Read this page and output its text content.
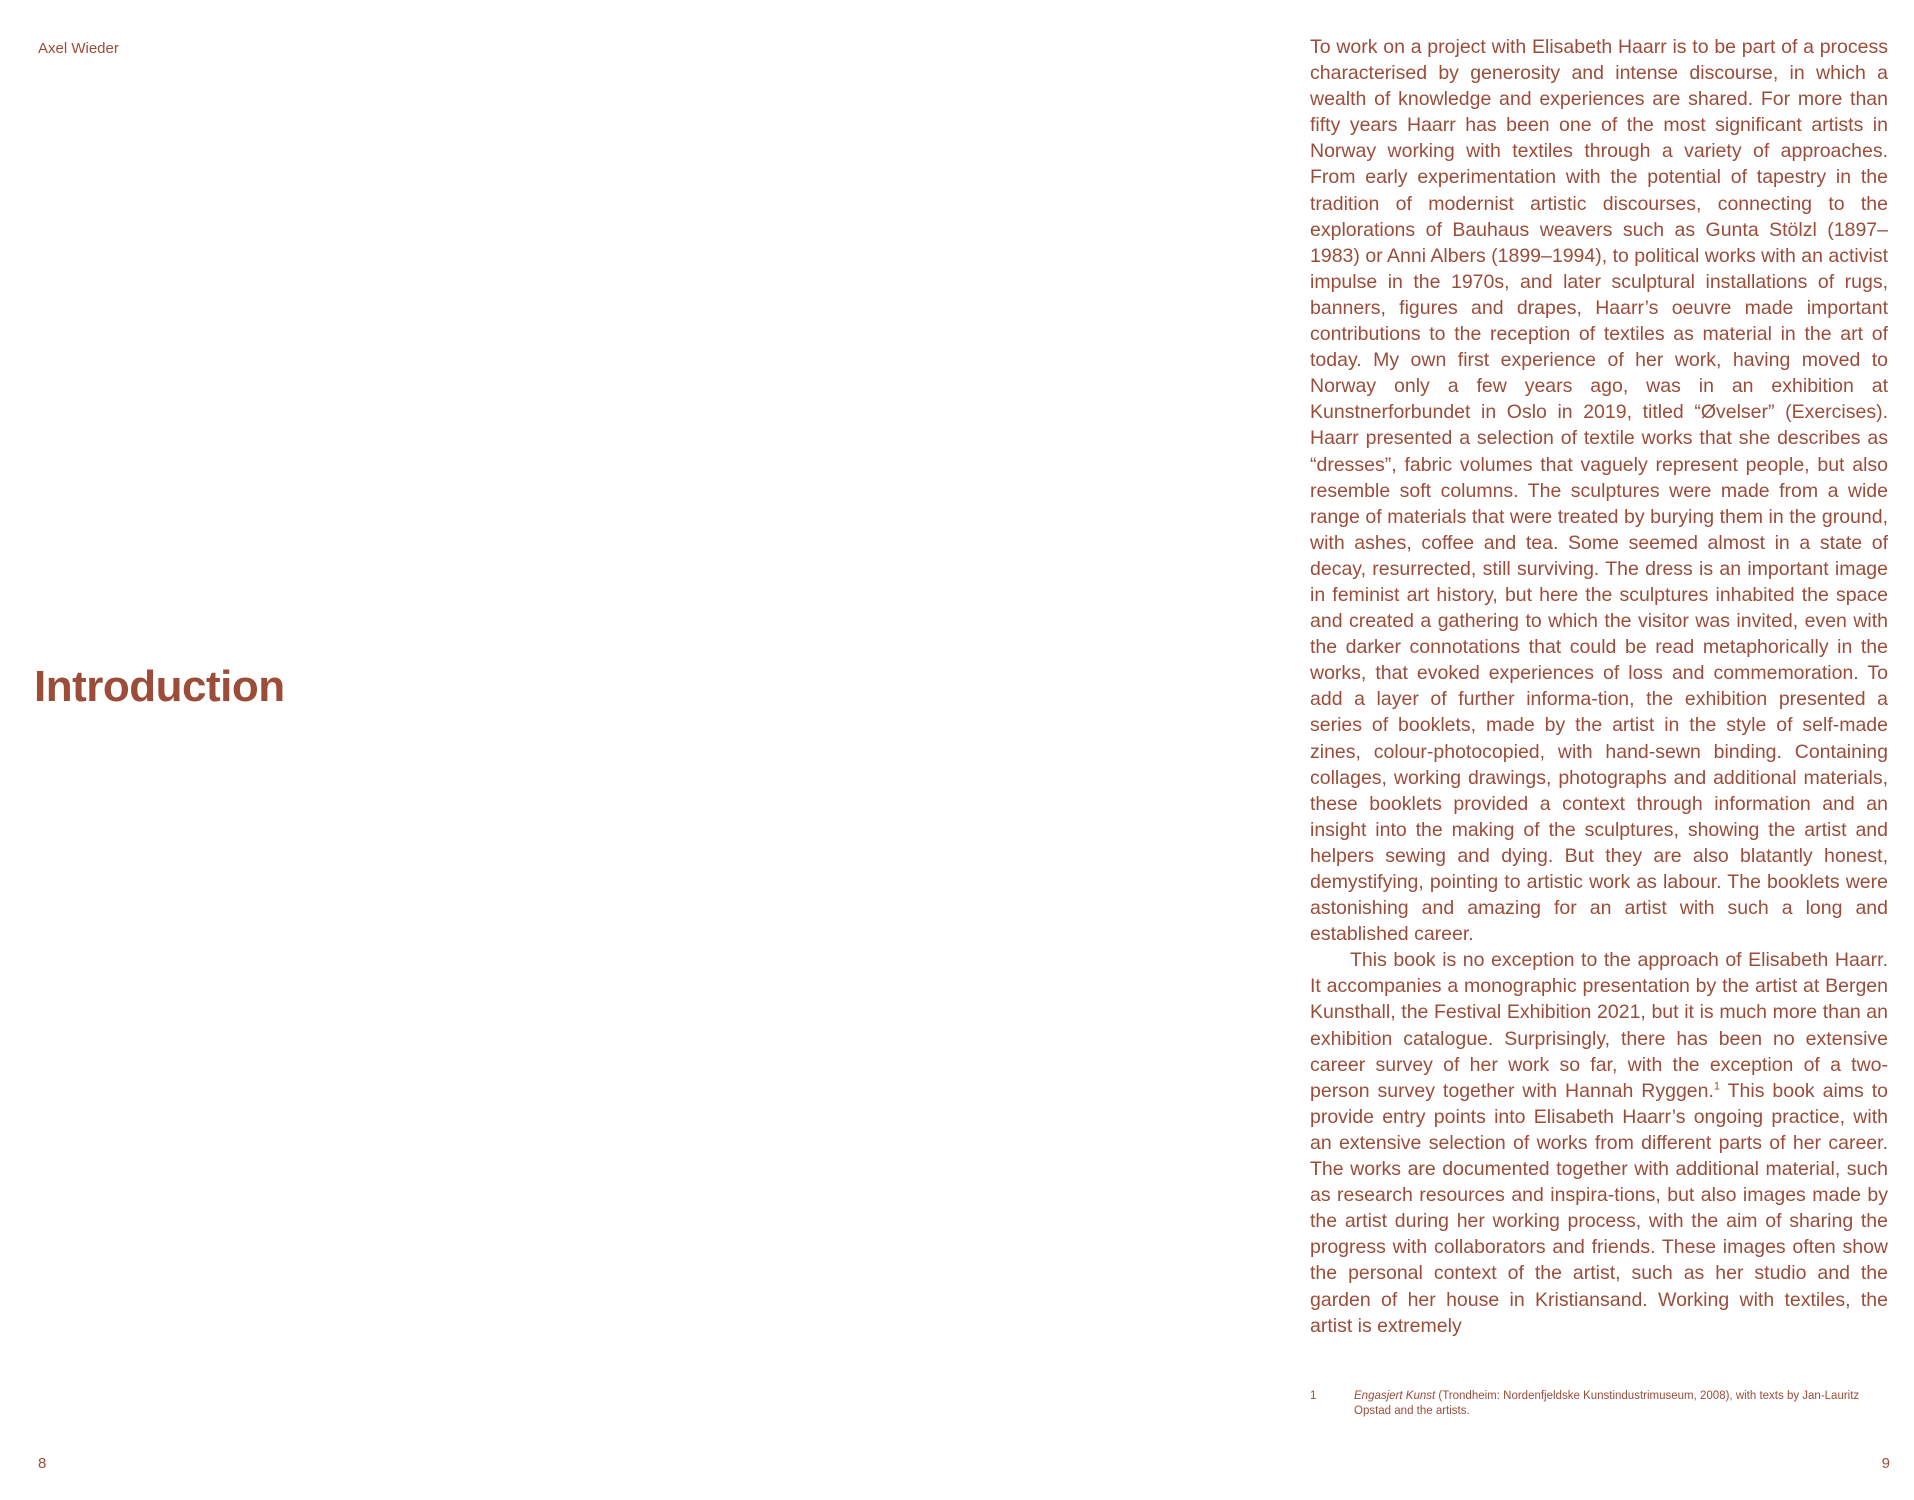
Axel Wieder
Introduction
8

To work on a project with Elisabeth Haarr is to be part of a process characterised by generosity and intense discourse, in which a wealth of knowledge and experiences are shared. For more than fifty years Haarr has been one of the most significant artists in Norway working with textiles through a variety of approaches. From early experimentation with the potential of tapestry in the tradition of modernist artistic discourses, connecting to the explorations of Bauhaus weavers such as Gunta Stölzl (1897–1983) or Anni Albers (1899–1994), to political works with an activist impulse in the 1970s, and later sculptural installations of rugs, banners, figures and drapes, Haarr’s oeuvre made important contributions to the reception of textiles as material in the art of today. My own first experience of her work, having moved to Norway only a few years ago, was in an exhibition at Kunstnerforbundet in Oslo in 2019, titled “Øvelser” (Exercises). Haarr presented a selection of textile works that she describes as “dresses”, fabric volumes that vaguely represent people, but also resemble soft columns. The sculptures were made from a wide range of materials that were treated by burying them in the ground, with ashes, coffee and tea. Some seemed almost in a state of decay, resurrected, still surviving. The dress is an important image in feminist art history, but here the sculptures inhabited the space and created a gathering to which the visitor was invited, even with the darker connotations that could be read metaphorically in the works, that evoked experiences of loss and commemoration. To add a layer of further informa-tion, the exhibition presented a series of booklets, made by the artist in the style of self-made zines, colour-photocopied, with hand-sewn binding. Containing collages, working drawings, photographs and additional materials, these booklets provided a context through information and an insight into the making of the sculptures, showing the artist and helpers sewing and dying. But they are also blatantly honest, demystifying, pointing to artistic work as labour. The booklets were astonishing and amazing for an artist with such a long and established career.

This book is no exception to the approach of Elisabeth Haarr. It accompanies a monographic presentation by the artist at Bergen Kunsthall, the Festival Exhibition 2021, but it is much more than an exhibition catalogue. Surprisingly, there has been no extensive career survey of her work so far, with the exception of a two-person survey together with Hannah Ryggen.$^1$ This book aims to provide entry points into Elisabeth Haarr’s ongoing practice, with an extensive selection of works from different parts of her career. The works are documented together with additional material, such as research resources and inspira-tions, but also images made by the artist during her working process, with the aim of sharing the progress with collaborators and friends. These images often show the personal context of the artist, such as her studio and the garden of her house in Kristiansand. Working with textiles, the artist is extremely

1	Engasjert Kunst (Trondheim: Nordenfjeldske Kunstindustrimuseum, 2008), with texts by Jan-Lauritz Opstad and the artists.
9
